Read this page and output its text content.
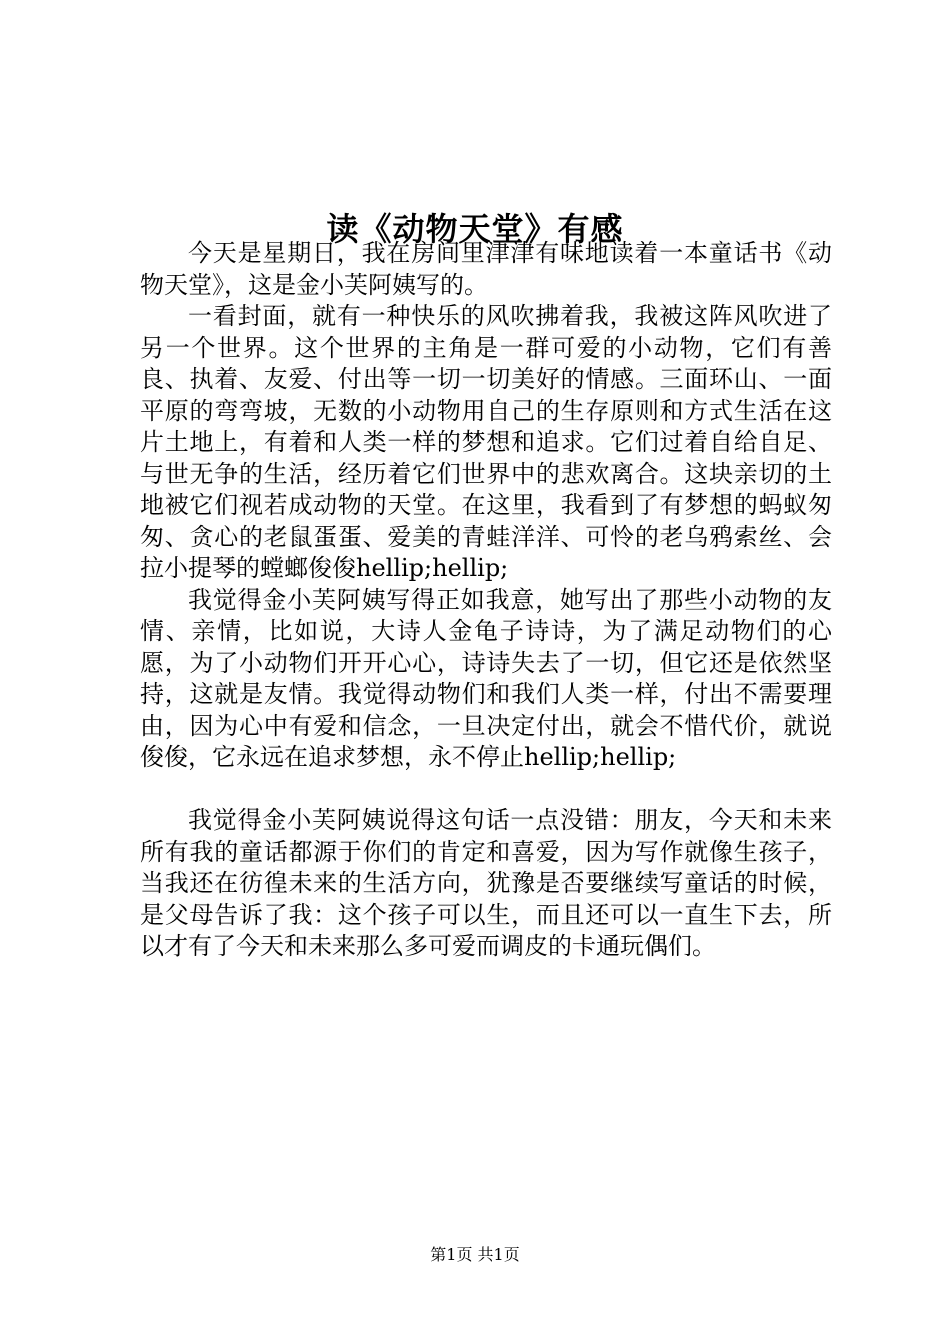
读《动物天堂》有感

今天是星期日，我在房间里津津有味地读着一本童话书《动物天堂》，这是金小芙阿姨写的。

一看封面，就有一种快乐的风吹拂着我，我被这阵风吹进了另一个世界。这个世界的主角是一群可爱的小动物，它们有善良、执着、友爱、付出等一切一切美好的情感。三面环山、一面平原的弯弯坡，无数的小动物用自己的生存原则和方式生活在这片土地上，有着和人类一样的梦想和追求。它们过着自给自足、与世无争的生活，经历着它们世界中的悲欢离合。这块亲切的土地被它们视若成动物的天堂。在这里，我看到了有梦想的蚂蚁匆匆、贪心的老鼠蛋蛋、爱美的青蛙洋洋、可怜的老乌鸦索丝、会拉小提琴的螳螂俊俊hellip;hellip;

我觉得金小芙阿姨写得正如我意，她写出了那些小动物的友情、亲情，比如说，大诗人金龟子诗诗，为了满足动物们的心愿，为了小动物们开开心心，诗诗失去了一切，但它还是依然坚持，这就是友情。我觉得动物们和我们人类一样，付出不需要理由，因为心中有爱和信念，一旦决定付出，就会不惜代价，就说俊俊，它永远在追求梦想，永不停止hellip;hellip;

我觉得金小芙阿姨说得这句话一点没错：朋友，今天和未来所有我的童话都源于你们的肯定和喜爱，因为写作就像生孩子，当我还在彷徨未来的生活方向，犹豫是否要继续写童话的时候，是父母告诉了我：这个孩子可以生，而且还可以一直生下去，所以才有了今天和未来那么多可爱而调皮的卡通玩偶们。

第1页 共1页
